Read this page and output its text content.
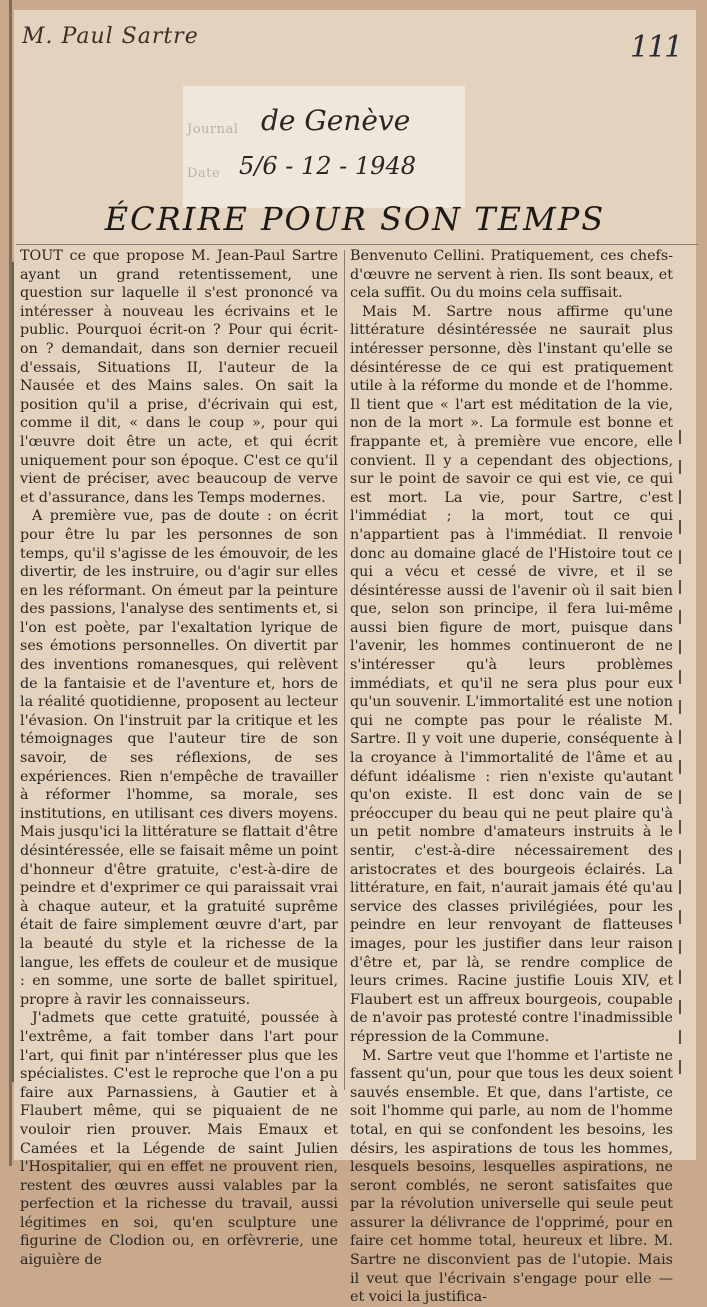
M. Paul Sartre	111
Journal de Genève
Date 5/6 - 12 - 1948
ÉCRIRE POUR SON TEMPS

TOUT ce que propose M. Jean-Paul Sartre ayant un grand retentissement, une question sur laquelle il s'est prononcé va intéresser à nouveau les écrivains et le public. Pourquoi écrit-on ? Pour qui écrit-on ? demandait, dans son dernier recueil d'essais, Situations II, l'auteur de la Nausée et des Mains sales. On sait la position qu'il a prise, d'écrivain qui est, comme il dit, « dans le coup », pour qui l'œuvre doit être un acte, et qui écrit uniquement pour son époque. C'est ce qu'il vient de préciser, avec beaucoup de verve et d'assurance, dans les Temps modernes.

A première vue, pas de doute : on écrit pour être lu par les personnes de son temps, qu'il s'agisse de les émouvoir, de les divertir, de les instruire, ou d'agir sur elles en les réformant. On émeut par la peinture des passions, l'analyse des sentiments et, si l'on est poète, par l'exaltation lyrique de ses émotions personnelles. On divertit par des inventions romanesques, qui relèvent de la fantaisie et de l'aventure et, hors de la réalité quotidienne, proposent au lecteur l'évasion. On l'instruit par la critique et les témoignages que l'auteur tire de son savoir, de ses réflexions, de ses expériences. Rien n'empêche de travailler à réformer l'homme, sa morale, ses institutions, en utilisant ces divers moyens. Mais jusqu'ici la littérature se flattait d'être désintéressée, elle se faisait même un point d'honneur d'être gratuite, c'est-à-dire de peindre et d'exprimer ce qui paraissait vrai à chaque auteur, et la gratuité suprême était de faire simplement œuvre d'art, par la beauté du style et la richesse de la langue, les effets de couleur et de musique : en somme, une sorte de ballet spirituel, propre à ravir les connaisseurs.

J'admets que cette gratuité, poussée à l'extrême, a fait tomber dans l'art pour l'art, qui finit par n'intéresser plus que les spécialistes. C'est le reproche que l'on a pu faire aux Parnassiens, à Gautier et à Flaubert même, qui se piquaient de ne vouloir rien prouver. Mais Emaux et Camées et la Légende de saint Julien l'Hospitalier, qui en effet ne prouvent rien, restent des œuvres aussi valables par la perfection et la richesse du travail, aussi légitimes en soi, qu'en sculpture une figurine de Clodion ou, en orfèvrerie, une aiguière de

Benvenuto Cellini. Pratiquement, ces chefs-d'œuvre ne servent à rien. Ils sont beaux, et cela suffit. Ou du moins cela suffisait.

Mais M. Sartre nous affirme qu'une littérature désintéressée ne saurait plus intéresser personne, dès l'instant qu'elle se désintéresse de ce qui est pratiquement utile à la réforme du monde et de l'homme. Il tient que « l'art est méditation de la vie, non de la mort ». La formule est bonne et frappante et, à première vue encore, elle convient. Il y a cependant des objections, sur le point de savoir ce qui est vie, ce qui est mort. La vie, pour Sartre, c'est l'immédiat ; la mort, tout ce qui n'appartient pas à l'immédiat. Il renvoie donc au domaine glacé de l'Histoire tout ce qui a vécu et cessé de vivre, et il se désintéresse aussi de l'avenir où il sait bien que, selon son principe, il fera lui-même aussi bien figure de mort, puisque dans l'avenir, les hommes continueront de ne s'intéresser qu'à leurs problèmes immédiats, et qu'il ne sera plus pour eux qu'un souvenir. L'immortalité est une notion qui ne compte pas pour le réaliste M. Sartre. Il y voit une duperie, conséquente à la croyance à l'immortalité de l'âme et au défunt idéalisme : rien n'existe qu'autant qu'on existe. Il est donc vain de se préoccuper du beau qui ne peut plaire qu'à un petit nombre d'amateurs instruits à le sentir, c'est-à-dire nécessairement des aristocrates et des bourgeois éclairés. La littérature, en fait, n'aurait jamais été qu'au service des classes privilégiées, pour les peindre en leur renvoyant de flatteuses images, pour les justifier dans leur raison d'être et, par là, se rendre complice de leurs crimes. Racine justifie Louis XIV, et Flaubert est un affreux bourgeois, coupable de n'avoir pas protesté contre l'inadmissible répression de la Commune.

M. Sartre veut que l'homme et l'artiste ne fassent qu'un, pour que tous les deux soient sauvés ensemble. Et que, dans l'artiste, ce soit l'homme qui parle, au nom de l'homme total, en qui se confondent les besoins, les désirs, les aspirations de tous les hommes, lesquels besoins, lesquelles aspirations, ne seront comblés, ne seront satisfaites que par la révolution universelle qui seule peut assurer la délivrance de l'opprimé, pour en faire cet homme total, heureux et libre. M. Sartre ne disconvient pas de l'utopie. Mais il veut que l'écrivain s'engage pour elle — et voici la justifica-
